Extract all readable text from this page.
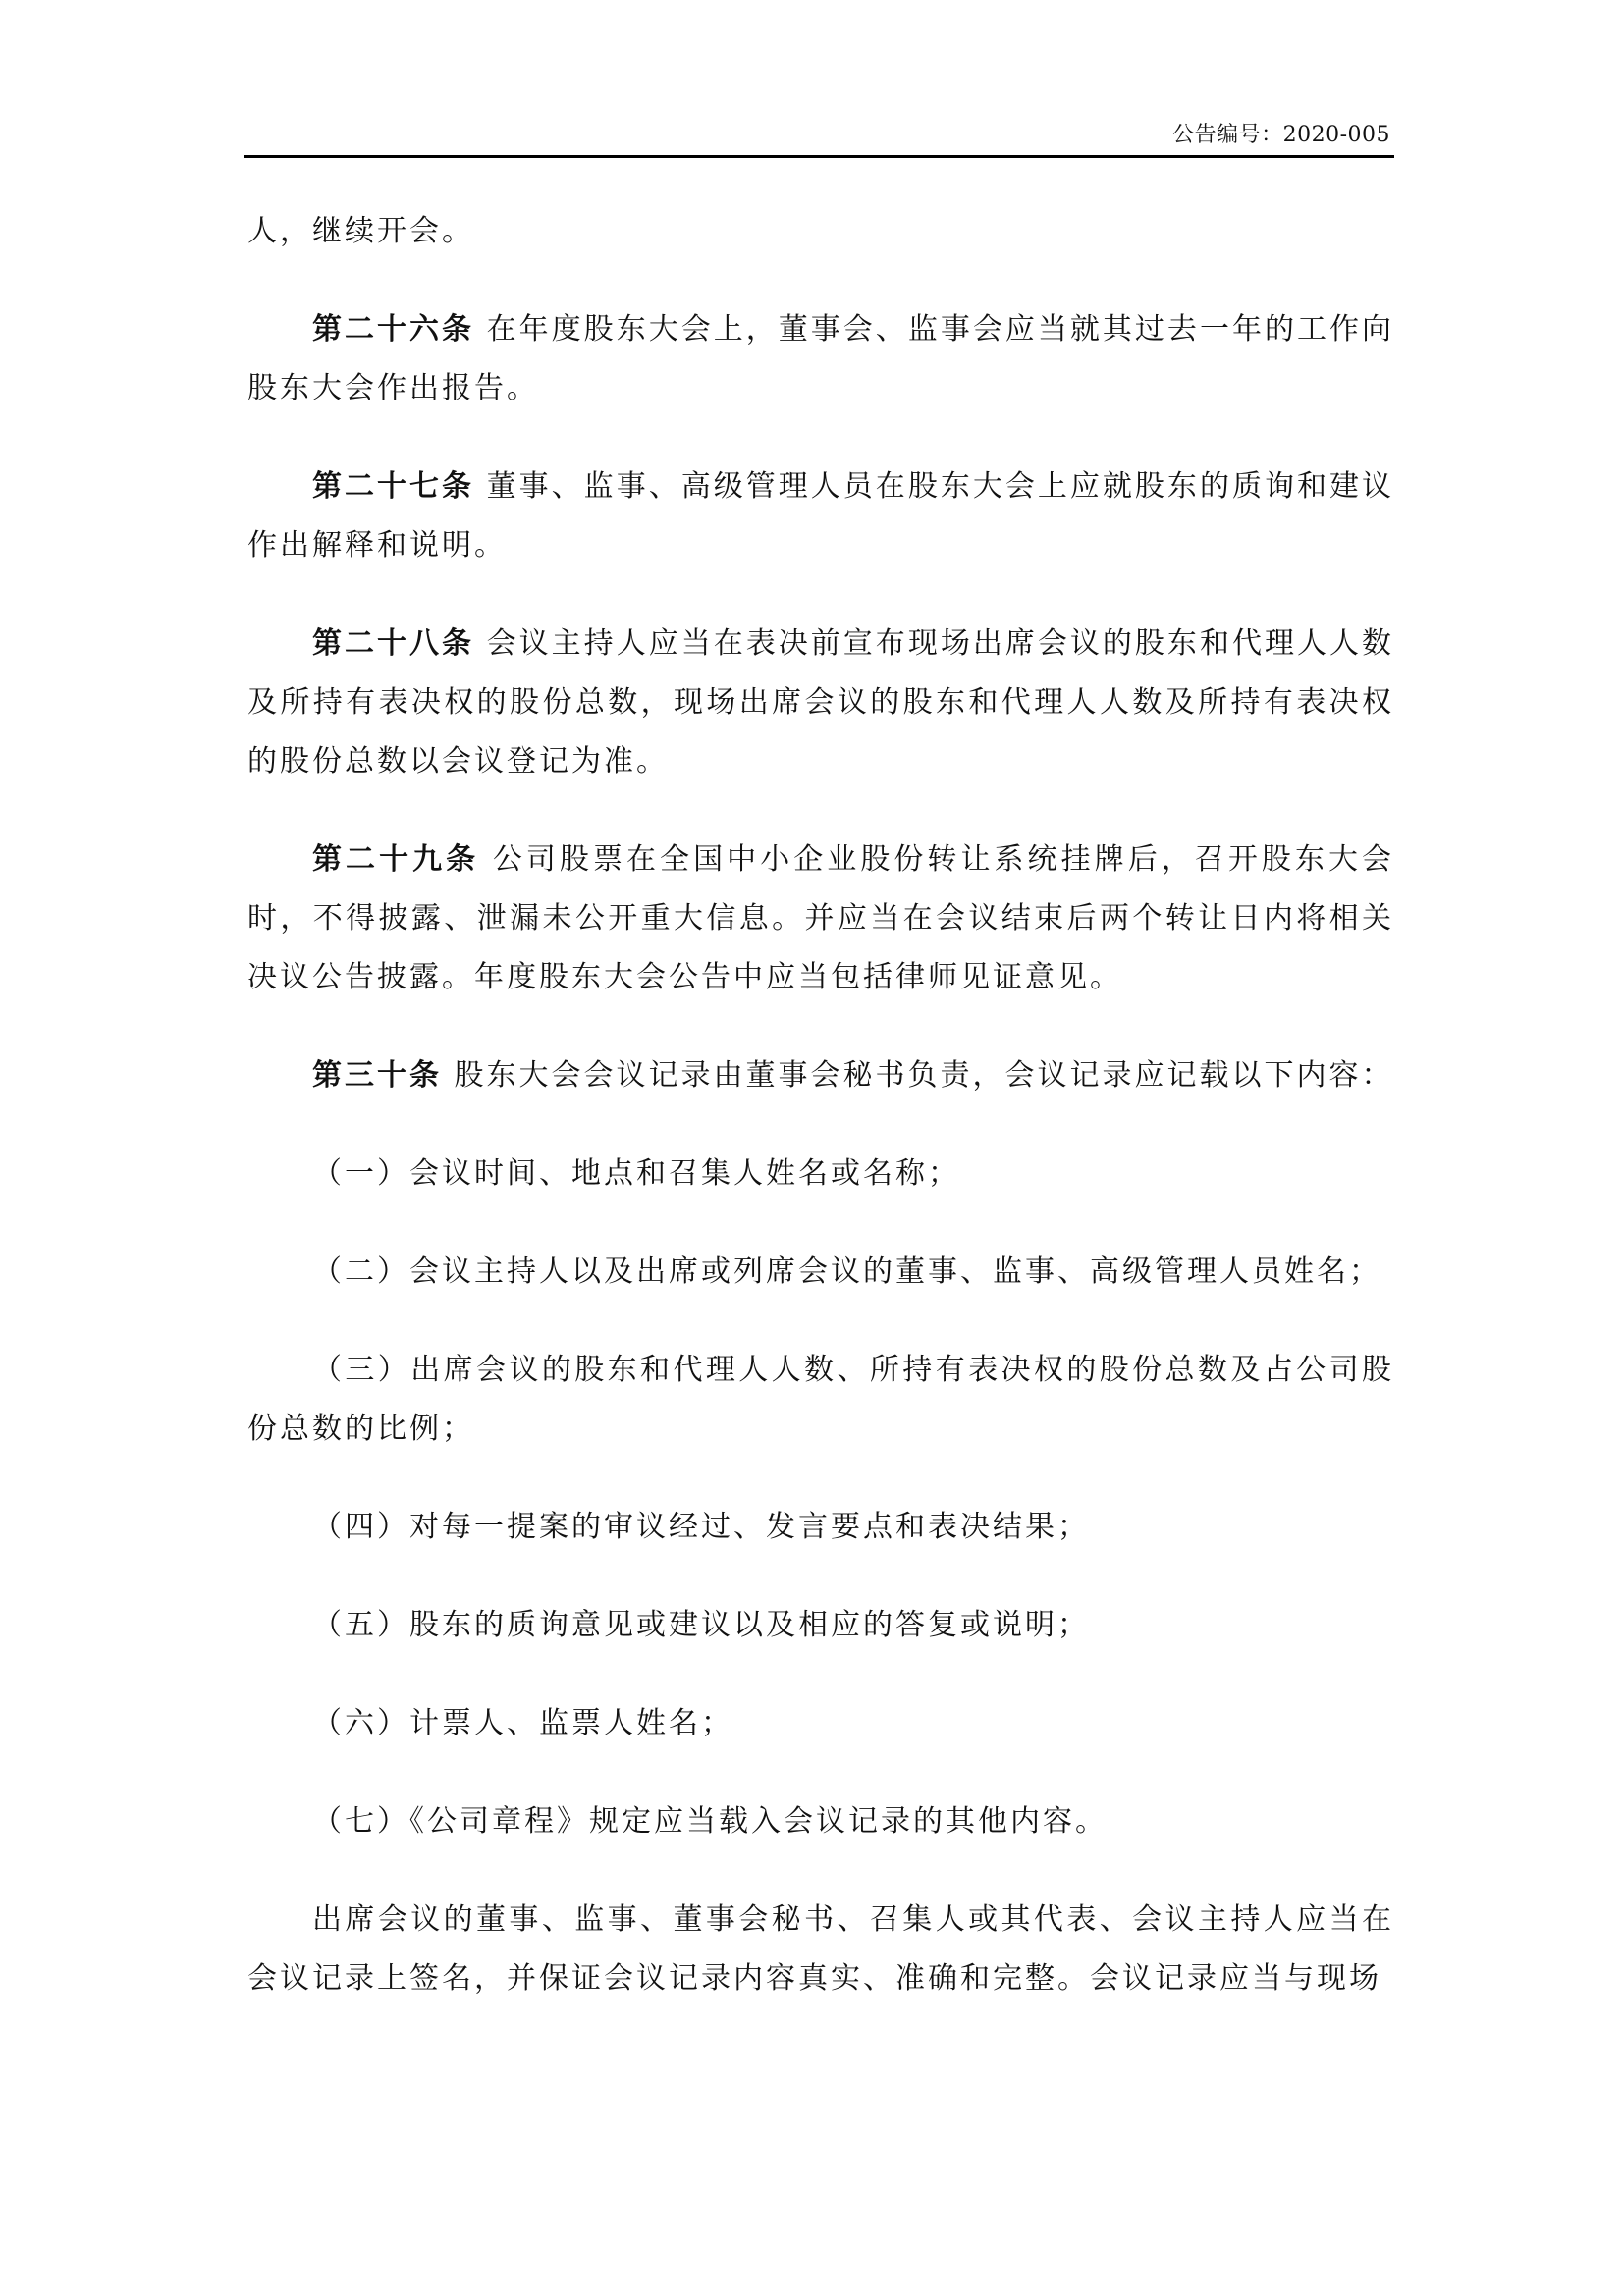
公告编号：2020-005

人，继续开会。

第二十六条 在年度股东大会上，董事会、监事会应当就其过去一年的工作向股东大会作出报告。

第二十七条 董事、监事、高级管理人员在股东大会上应就股东的质询和建议作出解释和说明。

第二十八条 会议主持人应当在表决前宣布现场出席会议的股东和代理人人数及所持有表决权的股份总数，现场出席会议的股东和代理人人数及所持有表决权的股份总数以会议登记为准。

第二十九条 公司股票在全国中小企业股份转让系统挂牌后，召开股东大会时，不得披露、泄漏未公开重大信息。并应当在会议结束后两个转让日内将相关决议公告披露。年度股东大会公告中应当包括律师见证意见。

第三十条 股东大会会议记录由董事会秘书负责，会议记录应记载以下内容：

（一）会议时间、地点和召集人姓名或名称；

（二）会议主持人以及出席或列席会议的董事、监事、高级管理人员姓名；

（三）出席会议的股东和代理人人数、所持有表决权的股份总数及占公司股份总数的比例；

（四）对每一提案的审议经过、发言要点和表决结果；

（五）股东的质询意见或建议以及相应的答复或说明；

（六）计票人、监票人姓名；

（七）《公司章程》规定应当载入会议记录的其他内容。

出席会议的董事、监事、董事会秘书、召集人或其代表、会议主持人应当在会议记录上签名，并保证会议记录内容真实、准确和完整。会议记录应当与现场
